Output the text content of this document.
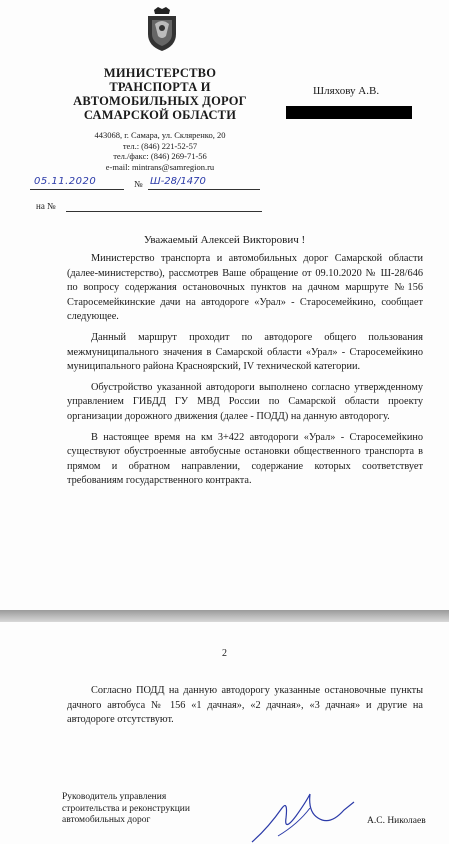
МИНИСТЕРСТВО
ТРАНСПОРТА И
АВТОМОБИЛЬНЫХ ДОРОГ
САМАРСКОЙ ОБЛАСТИ
443068, г. Самара, ул. Скляренко, 20
тел.: (846) 221-52-57
тел./факс: (846) 269-71-56
e-mail: mintrans@samregion.ru
05.11.2020	№ Ш-28/1470
на №
Шляхову А.В.
Уважаемый Алексей Викторович !

Министерство транспорта и автомобильных дорог Самарской области (далее-министерство), рассмотрев Ваше обращение от 09.10.2020 № Ш-28/646 по вопросу содержания остановочных пунктов на дачном маршруте №156 Старосемейкинские дачи на автодороге «Урал» - Старосемейкино, сообщает следующее.

Данный маршрут проходит по автодороге общего пользования межмуниципального значения в Самарской области «Урал» - Старосемейкино муниципального района Красноярский, IV технической категории.

Обустройство указанной автодороги выполнено согласно утвержденному управлением ГИБДД ГУ МВД России по Самарской области проекту организации дорожного движения (далее - ПОДД) на данную автодорогу.

В настоящее время на км 3+422 автодороги «Урал» - Старосемейкино существуют обустроенные автобусные остановки общественного транспорта в прямом и обратном направлении, содержание которых соответствует требованиям государственного контракта.

2

Согласно ПОДД на данную автодорогу указанные остановочные пункты дачного автобуса № 156 «1 дачная», «2 дачная», «3 дачная» и другие на автодороге отсутствуют.

Руководитель управления
строительства и реконструкции
автомобильных дорог	А.С. Николаев
